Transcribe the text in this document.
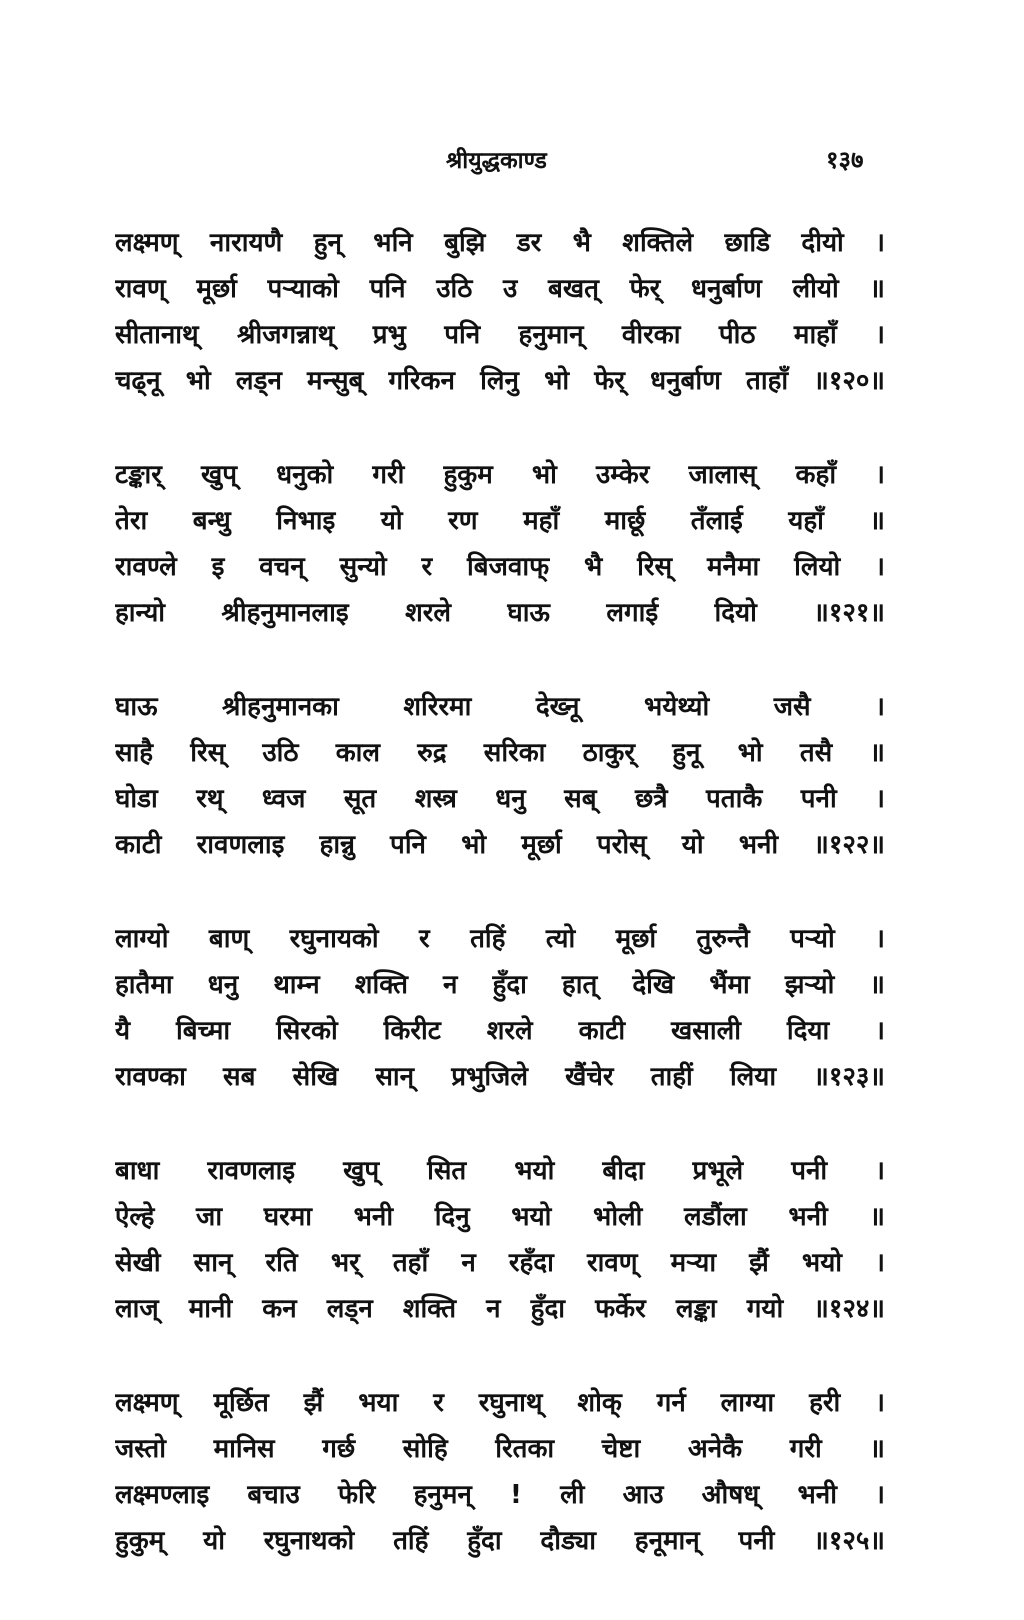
श्रीयुद्धकाण्ड	१३७
लक्ष्मण् नारायणै हुन् भनि बुझि डर भै शक्तिले छाडि दीयो ।
रावण् मूर्छा पऱ्याको पनि उठि उ बखत् फेर् धनुर्बाण लीयो ॥
सीतानाथ् श्रीजगन्नाथ् प्रभु पनि हनुमान् वीरका पीठ माहाँ ।
चढ्नू भो लड्न मन्सुब् गरिकन लिनु भो फेर् धनुर्बाण ताहाँ ॥१२०॥
टङ्कार् खुप् धनुको गरी हुकुम भो उम्केर जालास् कहाँ ।
तेरा बन्धु निभाइ यो रण महाँ मार्छू तँलाई यहाँ ॥
रावण्ले इ वचन् सुन्यो र बिजवाफ् भै रिस् मनैमा लियो ।
हान्यो श्रीहनुमानलाइ शरले घाऊ लगाई दियो ॥१२१॥
घाऊ श्रीहनुमानका शरिरमा देख्नू भयेथ्यो जसै ।
साहै रिस् उठि काल रुद्र सरिका ठाकुर् हुनू भो तसै ॥
घोडा रथ् ध्वज सूत शस्त्र धनु सब् छत्रै पताकै पनी ।
काटी रावणलाइ हान्नु पनि भो मूर्छा परोस् यो भनी ॥१२२॥
लाग्यो बाण् रघुनायको र तहिं त्यो मूर्छा तुरुन्तै पऱ्यो ।
हातैमा धनु थाम्न शक्ति न हुँदा हात् देखि भैंमा झऱ्यो ॥
यै बिच्मा सिरको किरीट शरले काटी खसाली दिया ।
रावण्का सब सेखि सान् प्रभुजिले खैंचेर ताहीं लिया ॥१२३॥
बाधा रावणलाइ खुप् सित भयो बीदा प्रभूले पनी ।
ऐल्हे जा घरमा भनी दिनु भयो भोली लडौंला भनी ॥
सेखी सान् रति भर् तहाँ न रहँदा रावण् मऱ्या झैं भयो ।
लाज् मानी कन लड्न शक्ति न हुँदा फर्केर लङ्का गयो ॥१२४॥
लक्ष्मण् मूर्छित झैं भया र रघुनाथ् शोक् गर्न लाग्या हरी ।
जस्तो मानिस गर्छ सोहि रितका चेष्टा अनेकै गरी ॥
लक्ष्मण्लाइ बचाउ फेरि हनुमन् ! ली आउ औषध् भनी ।
हुकुम् यो रघुनाथको तहिं हुँदा दौड्या हनूमान् पनी ॥१२५॥
